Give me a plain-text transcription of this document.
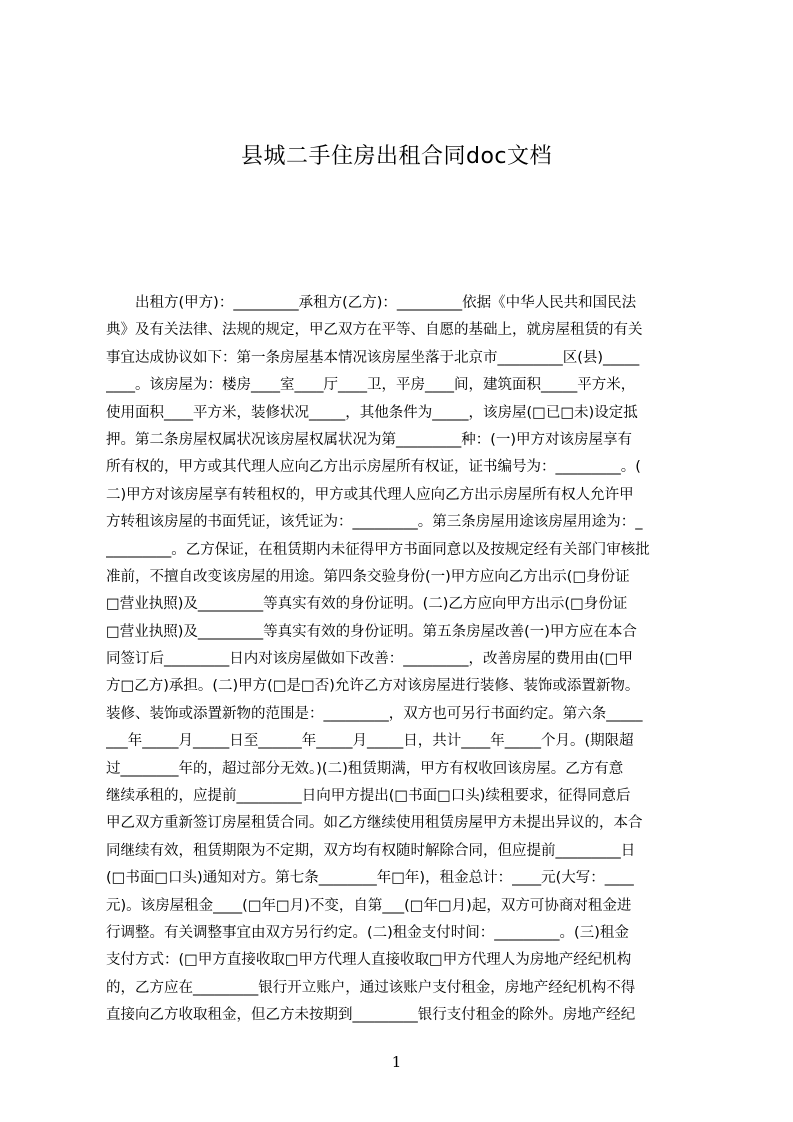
县城二手住房出租合同doc文档
　　出租方(甲方)：_________承租方(乙方)：_________依据《中华人民共和国民法
典》及有关法律、法规的规定，甲乙双方在平等、自愿的基础上，就房屋租赁的有关
事宜达成协议如下：第一条房屋基本情况该房屋坐落于北京市_________区(县)_____
____。该房屋为：楼房____室____厅____卫，平房____间，建筑面积_____平方米，
使用面积____平方米，装修状况_____，其他条件为_____，该房屋(□已□未)设定抵
押。第二条房屋权属状况该房屋权属状况为第_________种：(一)甲方对该房屋享有
所有权的，甲方或其代理人应向乙方出示房屋所有权证，证书编号为：_________。(
二)甲方对该房屋享有转租权的，甲方或其代理人应向乙方出示房屋所有权人允许甲
方转租该房屋的书面凭证，该凭证为：_________。第三条房屋用途该房屋用途为：_
_________。乙方保证，在租赁期内未征得甲方书面同意以及按规定经有关部门审核批
准前，不擅自改变该房屋的用途。第四条交验身份(一)甲方应向乙方出示(□身份证
□营业执照)及_________等真实有效的身份证明。(二)乙方应向甲方出示(□身份证
□营业执照)及_________等真实有效的身份证明。第五条房屋改善(一)甲方应在本合
同签订后_________日内对该房屋做如下改善：_________，改善房屋的费用由(□甲
方□乙方)承担。(二)甲方(□是□否)允许乙方对该房屋进行装修、装饰或添置新物。
装修、装饰或添置新物的范围是：_________，双方也可另行书面约定。第六条_____
___年_____月_____日至______年_____月_____日，共计____年_____个月。(期限超
过________年的，超过部分无效。)(二)租赁期满，甲方有权收回该房屋。乙方有意
继续承租的，应提前_________日向甲方提出(□书面□口头)续租要求，征得同意后
甲乙双方重新签订房屋租赁合同。如乙方继续使用租赁房屋甲方未提出异议的，本合
同继续有效，租赁期限为不定期，双方均有权随时解除合同，但应提前_________日
(□书面□口头)通知对方。第七条________年□年)，租金总计：____元(大写：____
元)。该房屋租金____(□年□月)不变，自第___(□年□月)起，双方可协商对租金进
行调整。有关调整事宜由双方另行约定。(二)租金支付时间：_________。(三)租金
支付方式：(□甲方直接收取□甲方代理人直接收取□甲方代理人为房地产经纪机构
的，乙方应在_________银行开立账户，通过该账户支付租金，房地产经纪机构不得
直接向乙方收取租金，但乙方未按期到_________银行支付租金的除外。房地产经纪
1
